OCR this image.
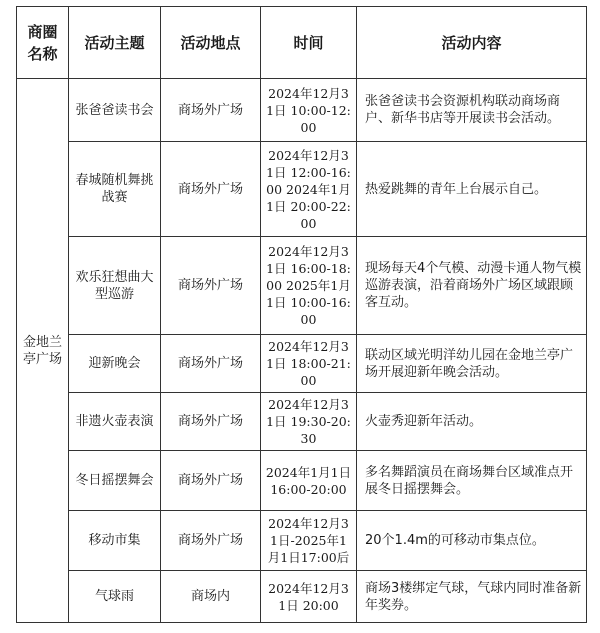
商圈名称	活动主题	活动地点	时间	活动内容
金地兰亭广场	张爸爸读书会	商场外广场	2024年12月31日 10:00-12:00	张爸爸读书会资源机构联动商场商户、新华书店等开展读书会活动。
	春城随机舞挑战赛	商场外广场	2024年12月31日 12:00-16:00 2024年1月1日 20:00-22:00	热爱跳舞的青年上台展示自己。
	欢乐狂想曲大型巡游	商场外广场	2024年12月31日 16:00-18:00 2025年1月1日 10:00-16:00	现场每天4个气模、动漫卡通人物气模巡游表演，沿着商场外广场区域跟顾客互动。
	迎新晚会	商场外广场	2024年12月31日 18:00-21:00	联动区域光明洋幼儿园在金地兰亭广场开展迎新年晚会活动。
	非遗火壶表演	商场外广场	2024年12月31日 19:30-20:30	火壶秀迎新年活动。
	冬日摇摆舞会	商场外广场	2024年1月1日 16:00-20:00	多名舞蹈演员在商场舞台区域准点开展冬日摇摆舞会。
	移动市集	商场外广场	2024年12月31日-2025年1月1日17:00后	20个1.4m的可移动市集点位。
	气球雨	商场内	2024年12月31日 20:00	商场3楼绑定气球，气球内同时准备新年奖券。
